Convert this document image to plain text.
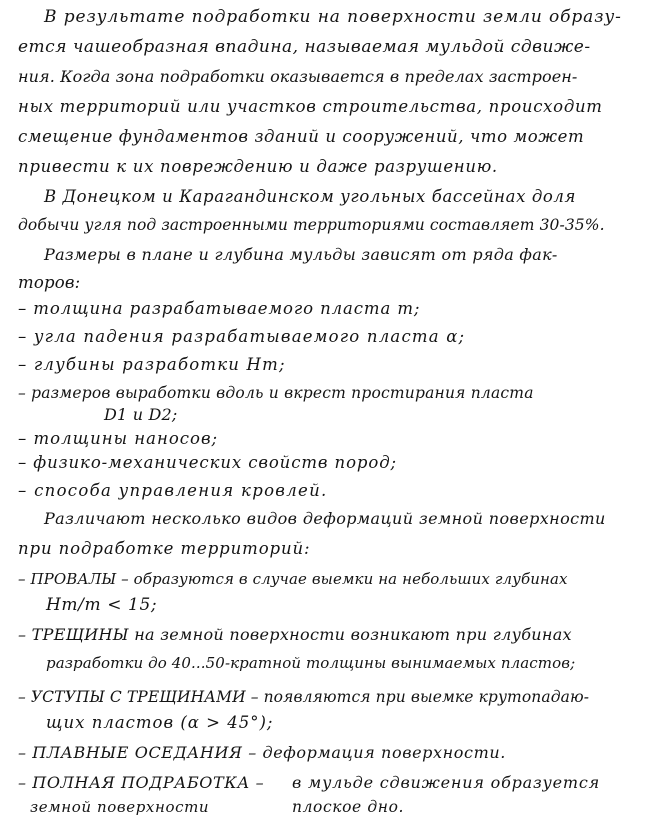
В результате подработки на поверхности земли образу-
ется чашеобразная впадина, называемая мульдой сдвиже-
ния. Когда зона подработки оказывается в пределах застроен-
ных территорий или участков строительства, происходит
смещение фундаментов зданий и сооружений, что может
привести к их повреждению и даже разрушению.
В Донецком и Карагандинском угольных бассейнах доля
добычи угля под застроенными территориями составляет 30-35%.
Размеры в плане и глубина мульды зависят от ряда фак-
торов:
– толщина разрабатываемого пласта m;
– угла падения разрабатываемого пласта α;
– глубины разработки Hm;
– размеров выработки вдоль и вкрест простирания пласта
D1 и D2;
– толщины наносов;
– физико-механических свойств пород;
– способа управления кровлей.
Различают несколько видов деформаций земной поверхности
при подработке территорий:
– ПРОВАЛЫ – образуются в случае выемки на небольших глубинах
Hm/m < 15;
– ТРЕЩИНЫ на земной поверхности возникают при глубинах
разработки до 40...50-кратной толщины вынимаемых пластов;
– УСТУПЫ С ТРЕЩИНАМИ – появляются при выемке крутопадаю-
щих пластов (α > 45°);
– ПЛАВНЫЕ ОСЕДАНИЯ – деформация поверхности.
– ПОЛНАЯ ПОДРАБОТКА – в мульде сдвижения образуется
земной поверхности	плоское дно.
